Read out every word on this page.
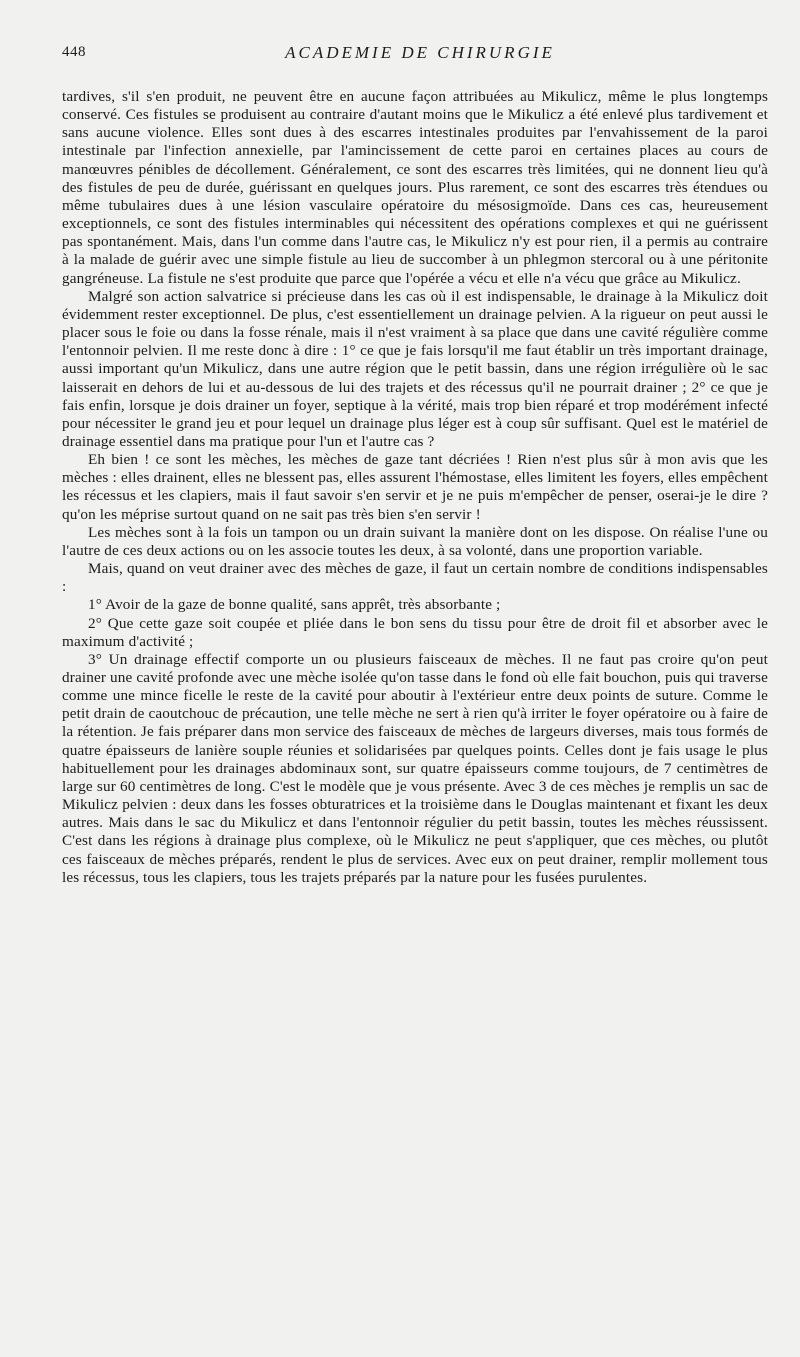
448	ACADEMIE DE CHIRURGIE

tardives, s'il s'en produit, ne peuvent être en aucune façon attribuées au Mikulicz, même le plus longtemps conservé. Ces fistules se produisent au contraire d'autant moins que le Mikulicz a été enlevé plus tardivement et sans aucune violence. Elles sont dues à des escarres intestinales produites par l'envahissement de la paroi intestinale par l'infection annexielle, par l'amincissement de cette paroi en certaines places au cours de manœuvres pénibles de décollement. Généralement, ce sont des escarres très limitées, qui ne donnent lieu qu'à des fistules de peu de durée, guérissant en quelques jours. Plus rarement, ce sont des escarres très étendues ou même tubulaires dues à une lésion vasculaire opératoire du mésosigmoïde. Dans ces cas, heureusement exceptionnels, ce sont des fistules interminables qui nécessitent des opérations complexes et qui ne guérissent pas spontanément. Mais, dans l'un comme dans l'autre cas, le Mikulicz n'y est pour rien, il a permis au contraire à la malade de guérir avec une simple fistule au lieu de succomber à un phlegmon stercoral ou à une péritonite gangréneuse. La fistule ne s'est produite que parce que l'opérée a vécu et elle n'a vécu que grâce au Mikulicz.

Malgré son action salvatrice si précieuse dans les cas où il est indispensable, le drainage à la Mikulicz doit évidemment rester exceptionnel. De plus, c'est essentiellement un drainage pelvien. A la rigueur on peut aussi le placer sous le foie ou dans la fosse rénale, mais il n'est vraiment à sa place que dans une cavité régulière comme l'entonnoir pelvien. Il me reste donc à dire : 1° ce que je fais lorsqu'il me faut établir un très important drainage, aussi important qu'un Mikulicz, dans une autre région que le petit bassin, dans une région irrégulière où le sac laisserait en dehors de lui et au-dessous de lui des trajets et des récessus qu'il ne pourrait drainer ; 2° ce que je fais enfin, lorsque je dois drainer un foyer, septique à la vérité, mais trop bien réparé et trop modérément infecté pour nécessiter le grand jeu et pour lequel un drainage plus léger est à coup sûr suffisant. Quel est le matériel de drainage essentiel dans ma pratique pour l'un et l'autre cas ?

Eh bien ! ce sont les mèches, les mèches de gaze tant décriées ! Rien n'est plus sûr à mon avis que les mèches : elles drainent, elles ne blessent pas, elles assurent l'hémostase, elles limitent les foyers, elles empêchent les récessus et les clapiers, mais il faut savoir s'en servir et je ne puis m'empêcher de penser, oserai-je le dire ? qu'on les méprise surtout quand on ne sait pas très bien s'en servir !

Les mèches sont à la fois un tampon ou un drain suivant la manière dont on les dispose. On réalise l'une ou l'autre de ces deux actions ou on les associe toutes les deux, à sa volonté, dans une proportion variable.

Mais, quand on veut drainer avec des mèches de gaze, il faut un certain nombre de conditions indispensables :

1° Avoir de la gaze de bonne qualité, sans apprêt, très absorbante ;

2° Que cette gaze soit coupée et pliée dans le bon sens du tissu pour être de droit fil et absorber avec le maximum d'activité ;

3° Un drainage effectif comporte un ou plusieurs faisceaux de mèches. Il ne faut pas croire qu'on peut drainer une cavité profonde avec une mèche isolée qu'on tasse dans le fond où elle fait bouchon, puis qui traverse comme une mince ficelle le reste de la cavité pour aboutir à l'extérieur entre deux points de suture. Comme le petit drain de caoutchouc de précaution, une telle mèche ne sert à rien qu'à irriter le foyer opératoire ou à faire de la rétention. Je fais préparer dans mon service des faisceaux de mèches de largeurs diverses, mais tous formés de quatre épaisseurs de lanière souple réunies et solidarisées par quelques points. Celles dont je fais usage le plus habituellement pour les drainages abdominaux sont, sur quatre épaisseurs comme toujours, de 7 centimètres de large sur 60 centimètres de long. C'est le modèle que je vous présente. Avec 3 de ces mèches je remplis un sac de Mikulicz pelvien : deux dans les fosses obturatrices et la troisième dans le Douglas maintenant et fixant les deux autres. Mais dans le sac du Mikulicz et dans l'entonnoir régulier du petit bassin, toutes les mèches réussissent. C'est dans les régions à drainage plus complexe, où le Mikulicz ne peut s'appliquer, que ces mèches, ou plutôt ces faisceaux de mèches préparés, rendent le plus de services. Avec eux on peut drainer, remplir mollement tous les récessus, tous les clapiers, tous les trajets préparés par la nature pour les fusées purulentes.
